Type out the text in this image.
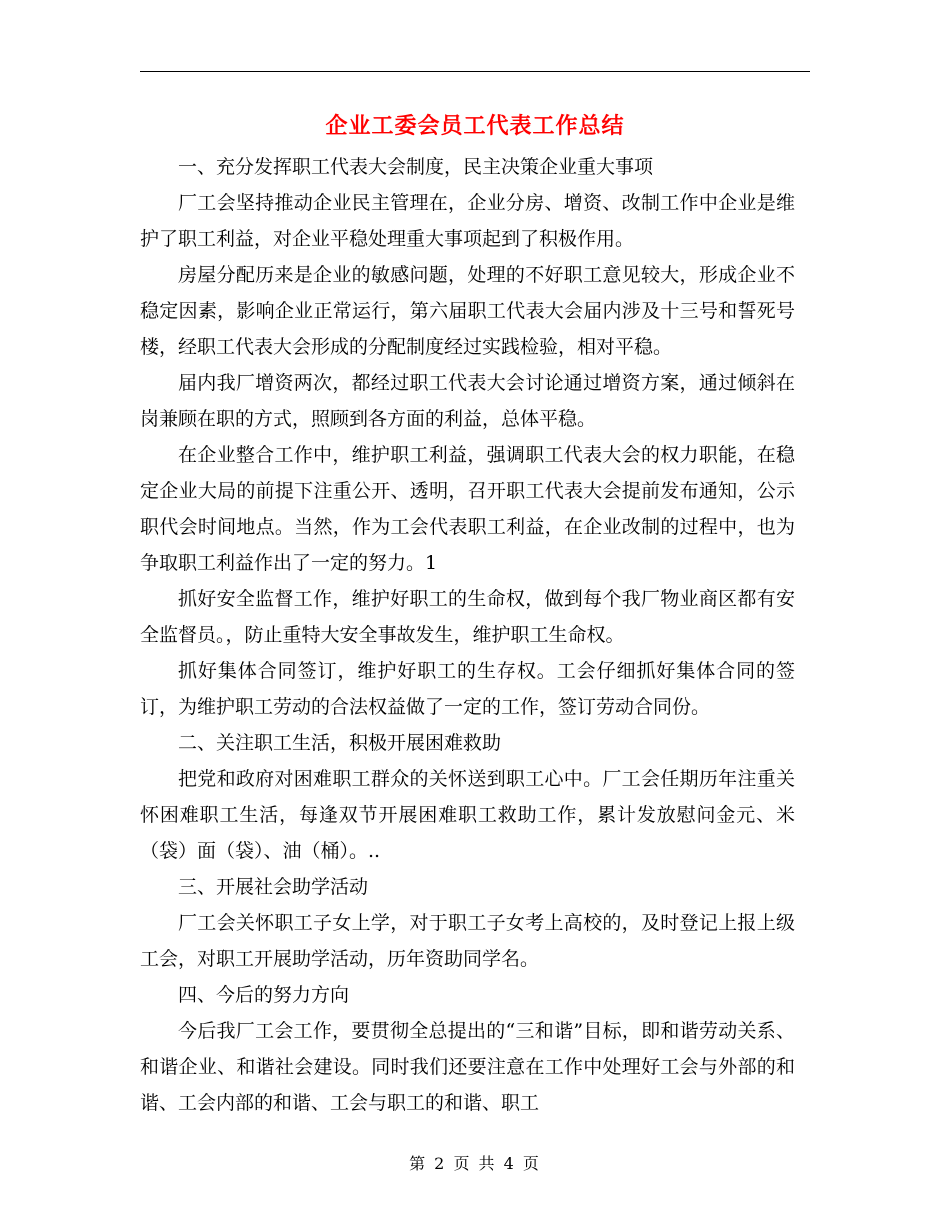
企业工委会员工代表工作总结

一、充分发挥职工代表大会制度，民主决策企业重大事项

厂工会坚持推动企业民主管理在，企业分房、增资、改制工作中企业是维护了职工利益，对企业平稳处理重大事项起到了积极作用。

房屋分配历来是企业的敏感问题，处理的不好职工意见较大，形成企业不稳定因素，影响企业正常运行，第六届职工代表大会届内涉及十三号和誓死号楼，经职工代表大会形成的分配制度经过实践检验，相对平稳。

届内我厂增资两次，都经过职工代表大会讨论通过增资方案，通过倾斜在岗兼顾在职的方式，照顾到各方面的利益，总体平稳。

在企业整合工作中，维护职工利益，强调职工代表大会的权力职能，在稳定企业大局的前提下注重公开、透明，召开职工代表大会提前发布通知，公示职代会时间地点。当然，作为工会代表职工利益，在企业改制的过程中，也为争取职工利益作出了一定的努力。1

抓好安全监督工作，维护好职工的生命权，做到每个我厂物业商区都有安全监督员。，防止重特大安全事故发生，维护职工生命权。

抓好集体合同签订，维护好职工的生存权。工会仔细抓好集体合同的签订，为维护职工劳动的合法权益做了一定的工作，签订劳动合同份。

二、关注职工生活，积极开展困难救助

把党和政府对困难职工群众的关怀送到职工心中。厂工会任期历年注重关怀困难职工生活，每逢双节开展困难职工救助工作，累计发放慰问金元、米（袋）面（袋）、油（桶）。..

三、开展社会助学活动

厂工会关怀职工子女上学，对于职工子女考上高校的，及时登记上报上级工会，对职工开展助学活动，历年资助同学名。

四、今后的努力方向

今后我厂工会工作，要贯彻全总提出的“三和谐”目标，即和谐劳动关系、和谐企业、和谐社会建设。同时我们还要注意在工作中处理好工会与外部的和谐、工会内部的和谐、工会与职工的和谐、职工

第 2 页 共 4 页
